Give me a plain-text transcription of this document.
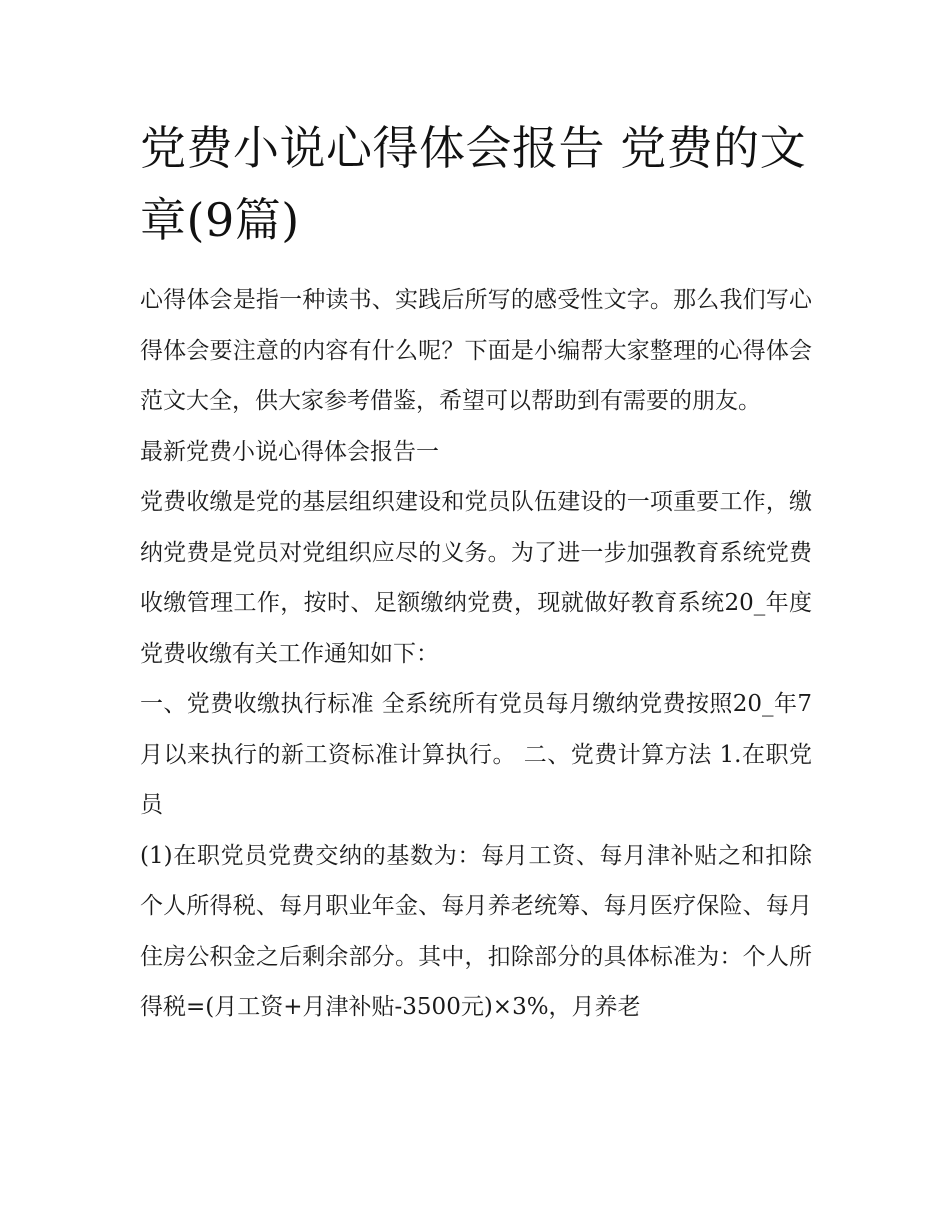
党费小说心得体会报告 党费的文章(9篇)

心得体会是指一种读书、实践后所写的感受性文字。那么我们写心得体会要注意的内容有什么呢？下面是小编帮大家整理的心得体会范文大全，供大家参考借鉴，希望可以帮助到有需要的朋友。

最新党费小说心得体会报告一

党费收缴是党的基层组织建设和党员队伍建设的一项重要工作，缴纳党费是党员对党组织应尽的义务。为了进一步加强教育系统党费收缴管理工作，按时、足额缴纳党费，现就做好教育系统20_年度党费收缴有关工作通知如下：

一、党费收缴执行标准 全系统所有党员每月缴纳党费按照20_年7月以来执行的新工资标准计算执行。 二、党费计算方法 1.在职党员

(1)在职党员党费交纳的基数为：每月工资、每月津补贴之和扣除个人所得税、每月职业年金、每月养老统筹、每月医疗保险、每月住房公积金之后剩余部分。其中，扣除部分的具体标准为：个人所得税=(月工资+月津补贴-3500元)×3%，月养老
